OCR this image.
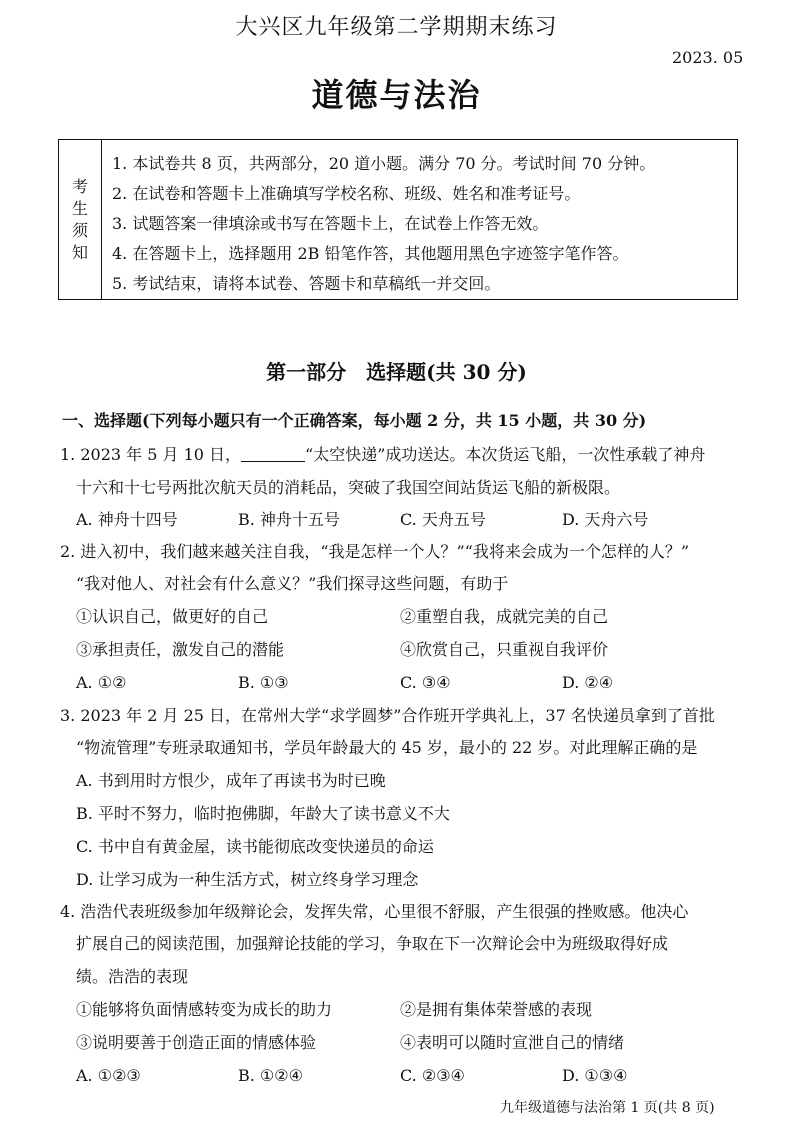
大兴区九年级第二学期期末练习
2023. 05
道德与法治
考
生
须
知
1. 本试卷共 8 页，共两部分，20 道小题。满分 70 分。考试时间 70 分钟。
2. 在试卷和答题卡上准确填写学校名称、班级、姓名和准考证号。
3. 试题答案一律填涂或书写在答题卡上，在试卷上作答无效。
4. 在答题卡上，选择题用 2B 铅笔作答，其他题用黑色字迹签字笔作答。
5. 考试结束，请将本试卷、答题卡和草稿纸一并交回。
第一部分　选择题(共 30 分)
一、选择题(下列每小题只有一个正确答案，每小题 2 分，共 15 小题，共 30 分)
1. 2023 年 5 月 10 日，	“太空快递”成功送达。本次货运飞船，一次性承载了神舟
十六和十七号两批次航天员的消耗品，突破了我国空间站货运飞船的新极限。
A. 神舟十四号	B. 神舟十五号	C. 天舟五号	D. 天舟六号
2. 进入初中，我们越来越关注自我，“我是怎样一个人？”“我将来会成为一个怎样的人？”
“我对他人、对社会有什么意义？”我们探寻这些问题，有助于
①认识自己，做更好的自己	②重塑自我，成就完美的自己
③承担责任，激发自己的潜能	④欣赏自己，只重视自我评价
A. ①②	B. ①③	C. ③④	D. ②④
3. 2023 年 2 月 25 日，在常州大学“求学圆梦”合作班开学典礼上，37 名快递员拿到了首批
“物流管理”专班录取通知书，学员年龄最大的 45 岁，最小的 22 岁。对此理解正确的是
A. 书到用时方恨少，成年了再读书为时已晚
B. 平时不努力，临时抱佛脚，年龄大了读书意义不大
C. 书中自有黄金屋，读书能彻底改变快递员的命运
D. 让学习成为一种生活方式，树立终身学习理念
4. 浩浩代表班级参加年级辩论会，发挥失常，心里很不舒服，产生很强的挫败感。他决心
扩展自己的阅读范围，加强辩论技能的学习，争取在下一次辩论会中为班级取得好成
绩。浩浩的表现
①能够将负面情感转变为成长的助力	②是拥有集体荣誉感的表现
③说明要善于创造正面的情感体验	④表明可以随时宣泄自己的情绪
A. ①②③	B. ①②④	C. ②③④	D. ①③④
九年级道德与法治第 1 页(共 8 页)
